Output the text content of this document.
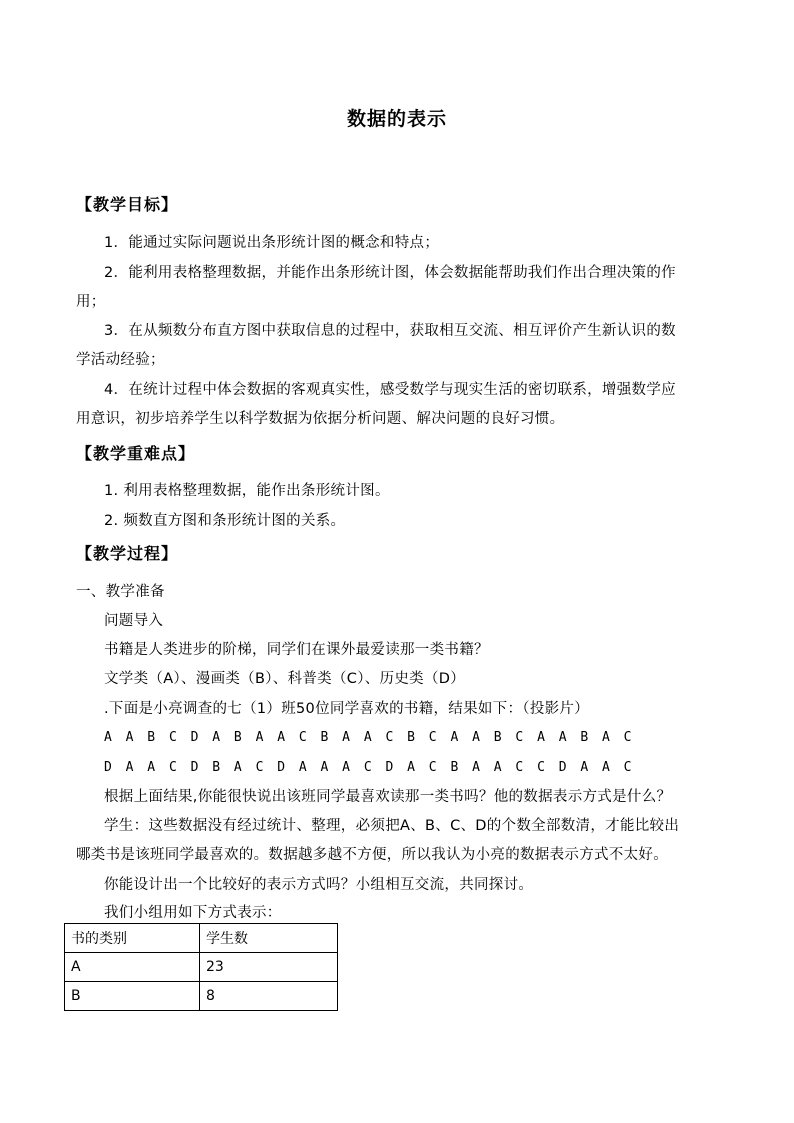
数据的表示
【教学目标】
1．能通过实际问题说出条形统计图的概念和特点；
2．能利用表格整理数据，并能作出条形统计图，体会数据能帮助我们作出合理决策的作
用；
3．在从频数分布直方图中获取信息的过程中，获取相互交流、相互评价产生新认识的数
学活动经验；
4．在统计过程中体会数据的客观真实性，感受数学与现实生活的密切联系，增强数学应
用意识，初步培养学生以科学数据为依据分析问题、解决问题的良好习惯。
【教学重难点】
1. 利用表格整理数据，能作出条形统计图。
2. 频数直方图和条形统计图的关系。
【教学过程】
一、教学准备
问题导入
书籍是人类进步的阶梯，同学们在课外最爱读那一类书籍？
文学类（A）、漫画类（B）、科普类（C）、历史类（D）
.下面是小亮调查的七（1）班50位同学喜欢的书籍，结果如下：（投影片）
A A B C D A B A A C B A A C B C A A B C A A B A C
D A A C D B A C D A A A C D A C B A A C C D A A C
根据上面结果,你能很快说出该班同学最喜欢读那一类书吗？他的数据表示方式是什么？
学生：这些数据没有经过统计、整理，必须把A、B、C、D的个数全部数清，才能比较出
哪类书是该班同学最喜欢的。数据越多越不方便，所以我认为小亮的数据表示方式不太好。
你能设计出一个比较好的表示方式吗？小组相互交流，共同探讨。
我们小组用如下方式表示：
书的类别	学生数
A	23
B	8
